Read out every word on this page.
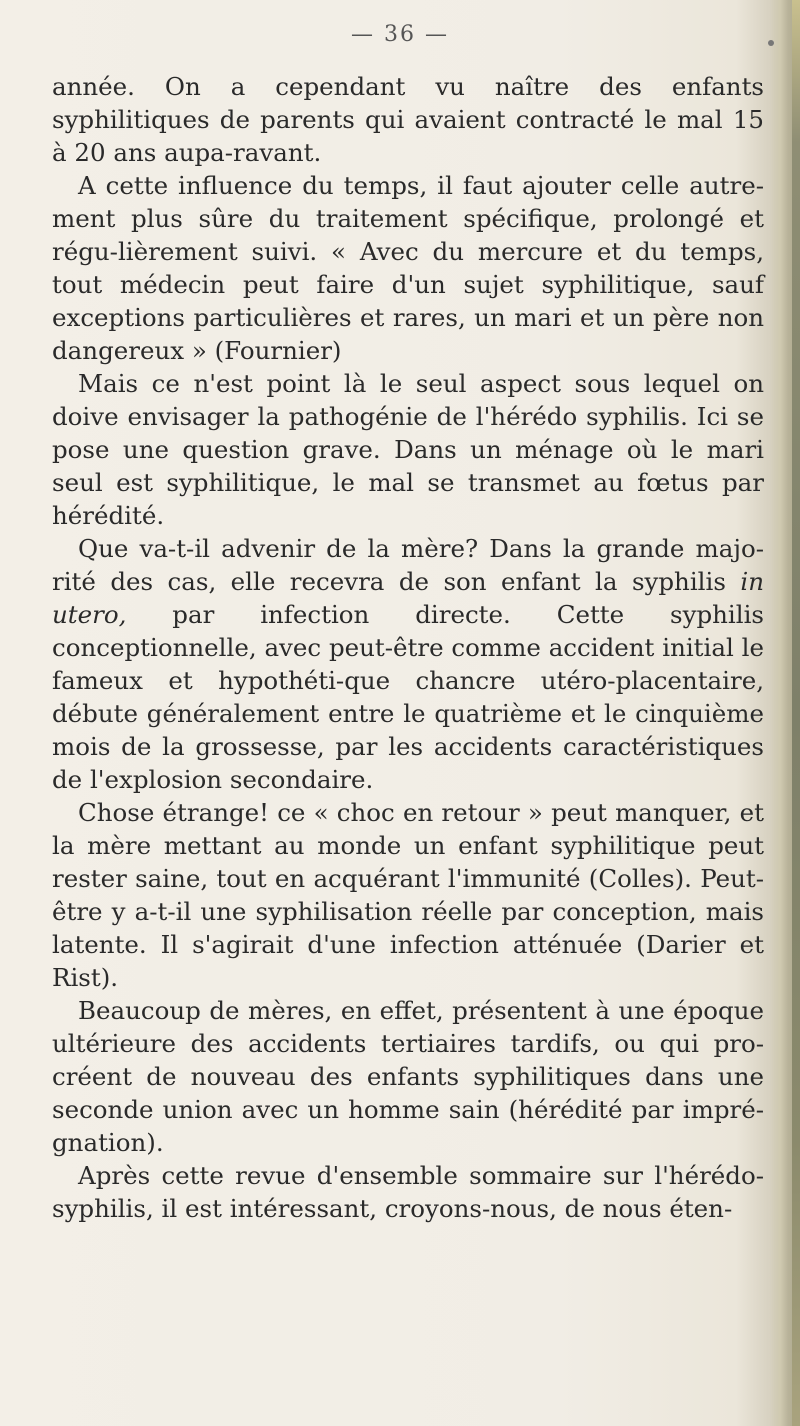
— 36 —

année. On a cependant vu naître des enfants syphilitiques de parents qui avaient contracté le mal 15 à 20 ans aupa-ravant.

A cette influence du temps, il faut ajouter celle autre-ment plus sûre du traitement spécifique, prolongé et régu-lièrement suivi. « Avec du mercure et du temps, tout médecin peut faire d'un sujet syphilitique, sauf exceptions particulières et rares, un mari et un père non dangereux » (Fournier)

Mais ce n'est point là le seul aspect sous lequel on doive envisager la pathogénie de l'hérédo syphilis. Ici se pose une question grave. Dans un ménage où le mari seul est syphilitique, le mal se transmet au fœtus par hérédité.

Que va-t-il advenir de la mère? Dans la grande majo-rité des cas, elle recevra de son enfant la syphilis in utero, par infection directe. Cette syphilis conceptionnelle, avec peut-être comme accident initial le fameux et hypothéti-que chancre utéro-placentaire, débute généralement entre le quatrième et le cinquième mois de la grossesse, par les accidents caractéristiques de l'explosion secondaire.

Chose étrange! ce « choc en retour » peut manquer, et la mère mettant au monde un enfant syphilitique peut rester saine, tout en acquérant l'immunité (Colles). Peut-être y a-t-il une syphilisation réelle par conception, mais latente. Il s'agirait d'une infection atténuée (Darier et Rist).

Beaucoup de mères, en effet, présentent à une époque ultérieure des accidents tertiaires tardifs, ou qui pro-créent de nouveau des enfants syphilitiques dans une seconde union avec un homme sain (hérédité par impré-gnation).

Après cette revue d'ensemble sommaire sur l'hérédo-syphilis, il est intéressant, croyons-nous, de nous éten-
